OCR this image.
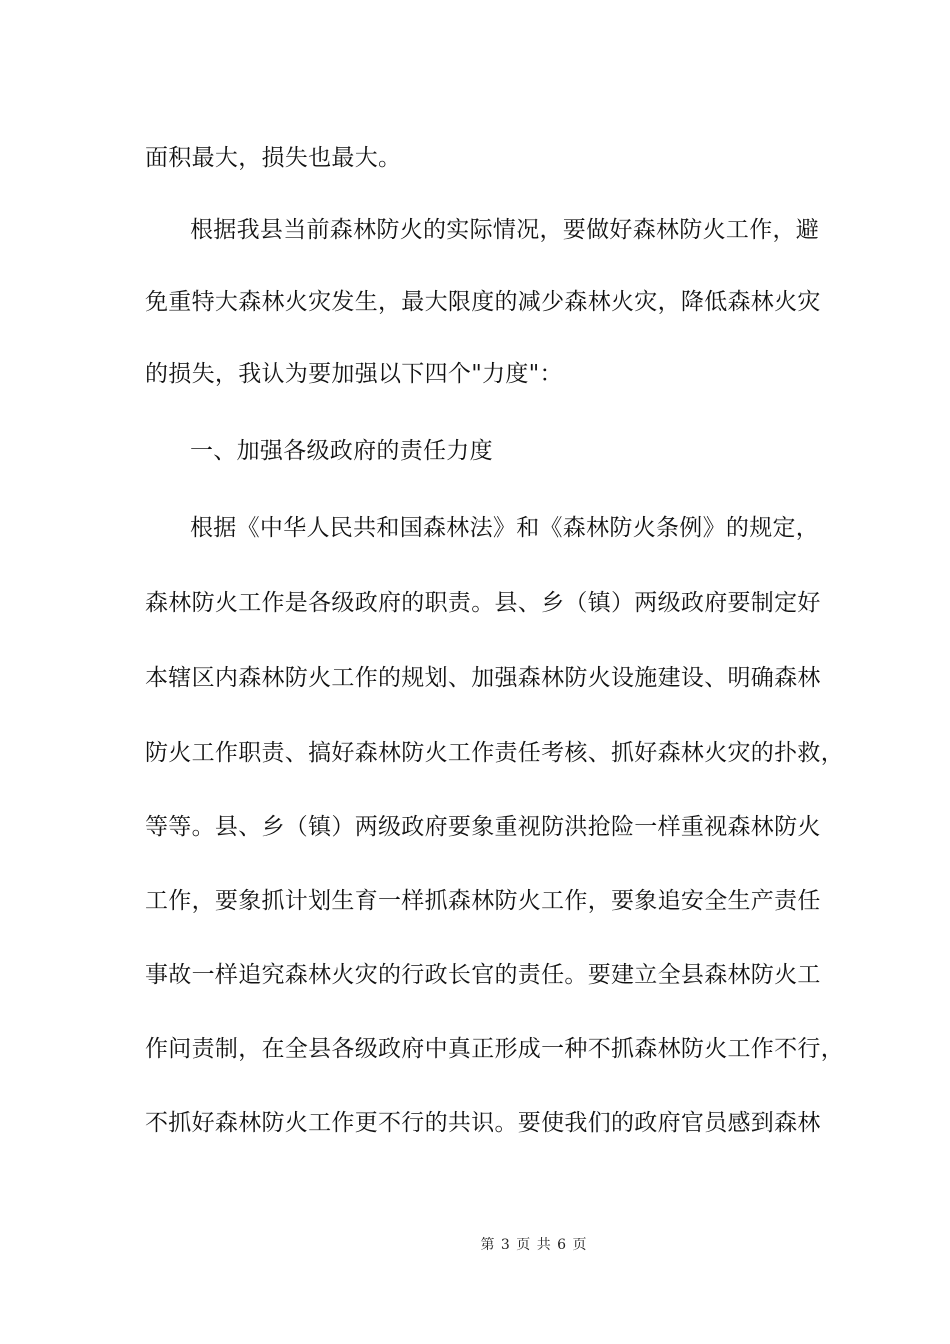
面积最大，损失也最大。
根据我县当前森林防火的实际情况，要做好森林防火工作，避
免重特大森林火灾发生，最大限度的减少森林火灾，降低森林火灾
的损失，我认为要加强以下四个"力度"：
一、加强各级政府的责任力度
根据《中华人民共和国森林法》和《森林防火条例》的规定，
森林防火工作是各级政府的职责。县、乡（镇）两级政府要制定好
本辖区内森林防火工作的规划、加强森林防火设施建设、明确森林
防火工作职责、搞好森林防火工作责任考核、抓好森林火灾的扑救，
等等。县、乡（镇）两级政府要象重视防洪抢险一样重视森林防火
工作，要象抓计划生育一样抓森林防火工作，要象追安全生产责任
事故一样追究森林火灾的行政长官的责任。要建立全县森林防火工
作问责制，在全县各级政府中真正形成一种不抓森林防火工作不行，
不抓好森林防火工作更不行的共识。要使我们的政府官员感到森林
第 3 页 共 6 页
